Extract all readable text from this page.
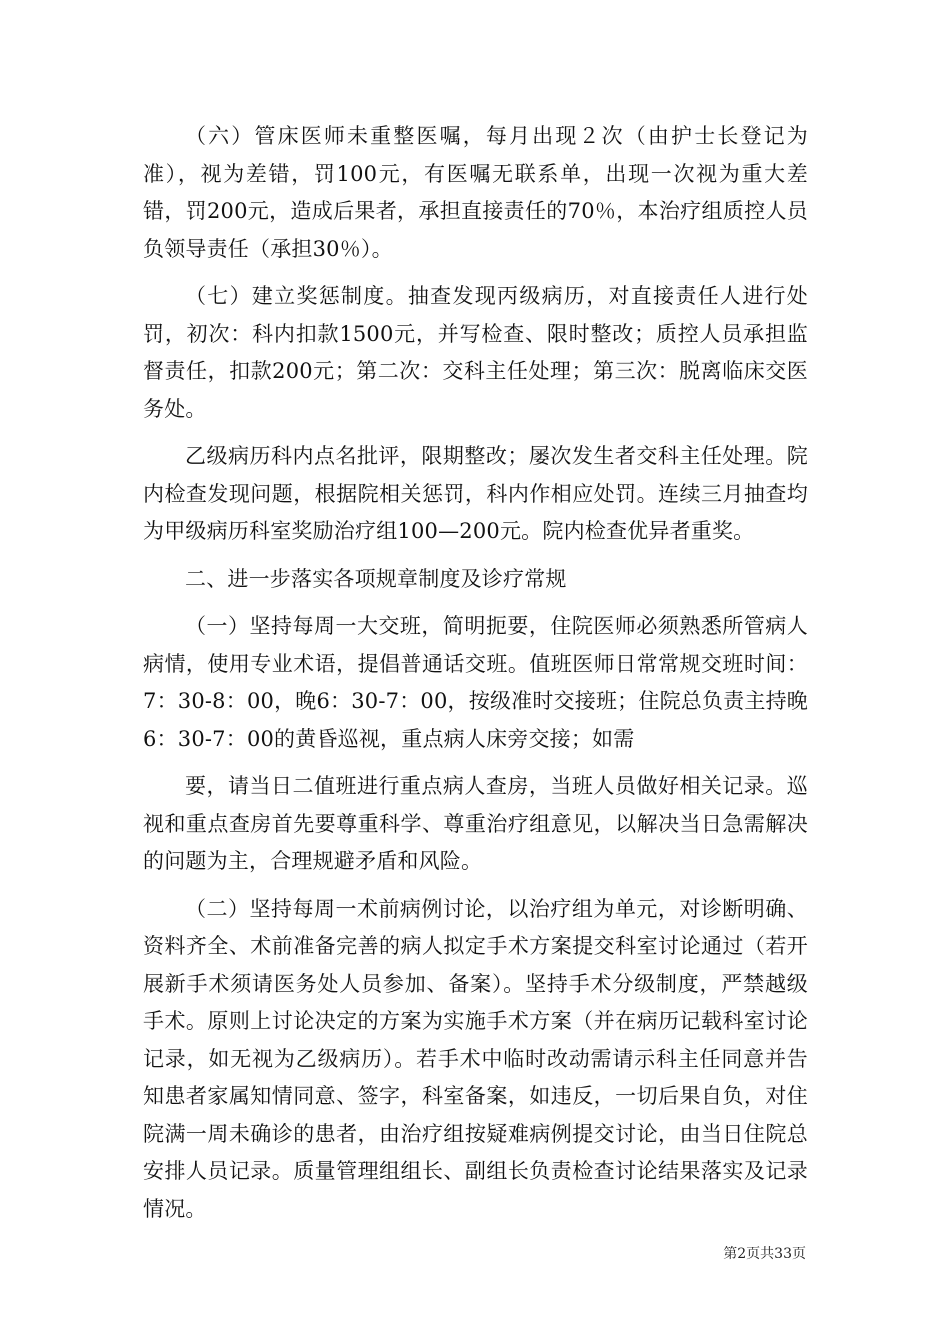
（六）管床医师未重整医嘱，每月出现２次（由护士长登记为准），视为差错，罚100元，有医嘱无联系单，出现一次视为重大差错，罚200元，造成后果者，承担直接责任的70％，本治疗组质控人员负领导责任（承担30％）。

（七）建立奖惩制度。抽查发现丙级病历，对直接责任人进行处罚，初次：科内扣款1500元，并写检查、限时整改；质控人员承担监督责任，扣款200元；第二次：交科主任处理；第三次：脱离临床交医务处。

乙级病历科内点名批评，限期整改；屡次发生者交科主任处理。院内检查发现问题，根据院相关惩罚，科内作相应处罚。连续三月抽查均为甲级病历科室奖励治疗组100—200元。院内检查优异者重奖。

二、进一步落实各项规章制度及诊疗常规

（一）坚持每周一大交班，简明扼要，住院医师必须熟悉所管病人病情，使用专业术语，提倡普通话交班。值班医师日常常规交班时间：7：30-8：00，晚6：30-7：00，按级准时交接班；住院总负责主持晚6：30-7：00的黄昏巡视，重点病人床旁交接；如需

要，请当日二值班进行重点病人查房，当班人员做好相关记录。巡视和重点查房首先要尊重科学、尊重治疗组意见，以解决当日急需解决的问题为主，合理规避矛盾和风险。

（二）坚持每周一术前病例讨论，以治疗组为单元，对诊断明确、资料齐全、术前准备完善的病人拟定手术方案提交科室讨论通过（若开展新手术须请医务处人员参加、备案）。坚持手术分级制度，严禁越级手术。原则上讨论决定的方案为实施手术方案（并在病历记载科室讨论记录，如无视为乙级病历）。若手术中临时改动需请示科主任同意并告知患者家属知情同意、签字，科室备案，如违反，一切后果自负，对住院满一周未确诊的患者，由治疗组按疑难病例提交讨论，由当日住院总安排人员记录。质量管理组组长、副组长负责检查讨论结果落实及记录情况。

第2页共33页
